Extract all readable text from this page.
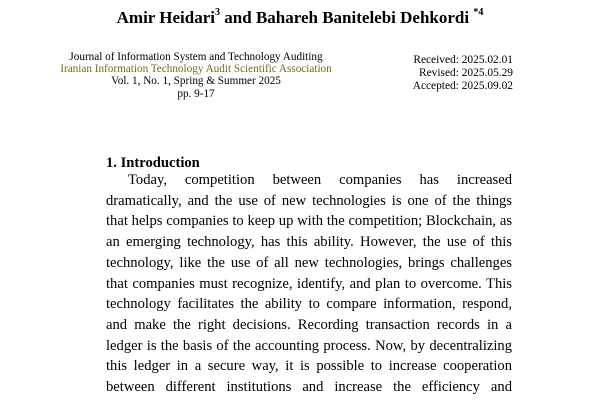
Amir Heidari$^3$ and Bahareh Banitelebi Dehkordi $^{*4}$
Journal of Information System and Technology Auditing
Iranian Information Technology Audit Scientific Association
Vol. 1, No. 1, Spring & Summer 2025
pp. 9-17
Received: 2025.02.01
Revised: 2025.05.29
Accepted: 2025.09.02
1. Introduction
Today, competition between companies has increased dramatically, and the use of new technologies is one of the things that helps companies to keep up with the competition; Blockchain, as an emerging technology, has this ability. However, the use of this technology, like the use of all new technologies, brings challenges that companies must recognize, identify, and plan to overcome. This technology facilitates the ability to compare information, respond, and make the right decisions. Recording transaction records in a ledger is the basis of the accounting process. Now, by decentralizing this ledger in a secure way, it is possible to increase cooperation between different institutions and increase the efficiency and
